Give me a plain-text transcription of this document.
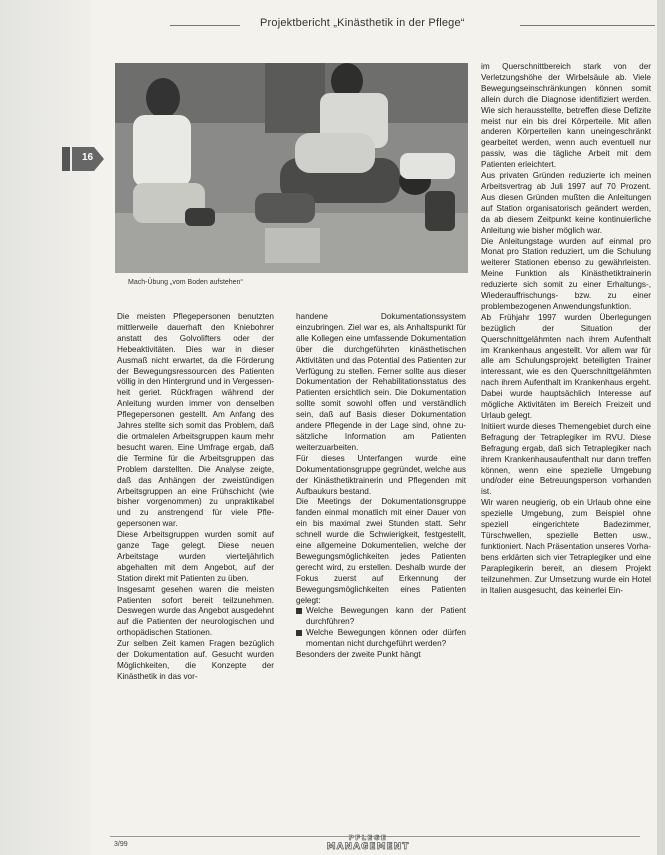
Projektbericht „Kinästhetik in der Pflege“
16
Mach-Übung „vom Boden aufstehen“

Die meisten Pflegepersonen benutzten mittlerweile dauerhaft den Kniebohrer anstatt des Golvolifters oder der Hebeaktivitäten. Dies war in dieser Ausmaß nicht erwartet, da die Förderung der Bewegungsressourcen des Patienten völlig in den Hintergrund und in Vergessenheit geriet. Rückfragen während der Anleitung wurden immer von denselben Pflegepersonen gestellt. Am Anfang des Jahres stellte sich somit das Problem, daß die ortmalelen Arbeitsgruppen kaum mehr besucht waren. Eine Umfrage ergab, daß die Termine für die Arbeitsgruppen das Problem darstellten. Die Analyse zeigte, daß das Anhängen der zweistündigen Arbeitsgruppen an eine Frühschicht (wie bisher vorgenommen) zu unpraktikabel und zu anstrengend für viele Pflegepersonen war.

Diese Arbeitsgruppen wurden somit auf ganze Tage gelegt. Diese neuen Arbeitstage wurden vierteljährlich abgehalten mit dem Angebot, auf der Station direkt mit Patienten zu üben.

Insgesamt gesehen waren die meisten Patienten sofort bereit teilzunehmen. Deswegen wurde das Angebot ausgedehnt auf die Patienten der neurologischen und orthopädischen Stationen.

Zur selben Zeit kamen Fragen bezüglich der Dokumentation auf. Gesucht wurden Möglichkeiten, die Konzepte der Kinästhetik in das vor-

handene Dokumentationssystem einzubringen. Ziel war es, als Anhaltspunkt für alle Kollegen eine umfassende Dokumentation über die durchgeführten kinästhetischen Aktivitäten und das Potential des Patienten zur Verfügung zu stellen. Ferner sollte aus dieser Dokumentation der Rehabilitationsstatus des Patienten ersichtlich sein. Die Dokumentation sollte somit sowohl offen und verständlich sein, daß auf Basis dieser Dokumentation andere Pflegende in der Lage sind, ohne zusätzliche Information am Patienten weiterzuarbeiten.

Für dieses Unterfangen wurde eine Dokumentationsgruppe gegründet, welche aus der Kinästhetiktrainerin und Pflegenden mit Aufbaukurs bestand.

Die Meetings der Dokumentationsgruppe fanden einmal monatlich mit einer Dauer von ein bis maximal zwei Stunden statt. Sehr schnell wurde die Schwierigkeit, festgestellt, eine allgemeine Dokumentelien, welche der Bewegungsmöglichkeiten jedes Patienten gerecht wird, zu erstellen. Deshalb wurde der Fokus zuerst auf Erkennung der Bewegungsmöglichkeiten eines Patienten gelegt:

Welche Bewegungen kann der Patient durchführen?
Welche Bewegungen können oder dürfen momentan nicht durchgeführt werden?

Besonders der zweite Punkt hängt

im Querschnittbereich stark von der Verletzungshöhe der Wirbelsäule ab. Viele Bewegungseinschränkungen können somit allein durch die Diagnose identifiziert werden. Wie sich herausstellte, betreffen diese Defizite meist nur ein bis drei Körperteile. Mit allen anderen Körperteilen kann uneingeschränkt gearbeitet werden, wenn auch eventuell nur passiv, was die tägliche Arbeit mit dem Patienten erleichtert.

Aus privaten Gründen reduzierte ich meinen Arbeitsvertrag ab Juli 1997 auf 70 Prozent. Aus diesen Gründen mußten die Anleitungen auf Station organisatorisch geändert werden, da ab diesem Zeitpunkt keine kontinuierliche Anleitung wie bisher möglich war.

Die Anleitungstage wurden auf einmal pro Monat pro Station reduziert, um die Schulung weiterer Stationen ebenso zu gewährleisten. Meine Funktion als Kinästhetiktrainerin reduzierte sich somit zu einer Erhaltungs-, Wiederauffrischungs- bzw. zu einer problembezogenen Anwendungsfunktion.

Ab Frühjahr 1997 wurden Überlegungen bezüglich der Situation der Querschnittgelähmten nach ihrem Aufenthalt im Krankenhaus angestellt. Vor allem war für alle am Schulungsprojekt beteiligten Trainer interessant, wie es den Querschnittgelähmten nach ihrem Aufenthalt im Krankenhaus ergeht. Dabei wurde hauptsächlich Interesse auf mögliche Aktivitäten im Bereich Freizeit und Urlaub gelegt.

Initiiert wurde dieses Themengebiet durch eine Befragung der Tetraplegiker im RVU. Diese Befragung ergab, daß sich Tetraplegiker nach ihrem Krankenhausaufenthalt nur dann treffen können, wenn eine spezielle Umgebung und/oder eine Betreuungsperson vorhanden ist.

Wir waren neugierig, ob ein Urlaub ohne eine spezielle Umgebung, zum Beispiel ohne speziell eingerichtete Badezimmer, Türschwellen, spezielle Betten usw., funktioniert. Nach Präsentation unseres Vorhabens erklärten sich vier Tetraplegiker und eine Paraplegikerin bereit, an diesem Projekt teilzunehmen. Zur Umsetzung wurde ein Hotel in Italien ausgesucht, das keinerlei Ein-

3/99
PFLEGE
MANAGEMENT
